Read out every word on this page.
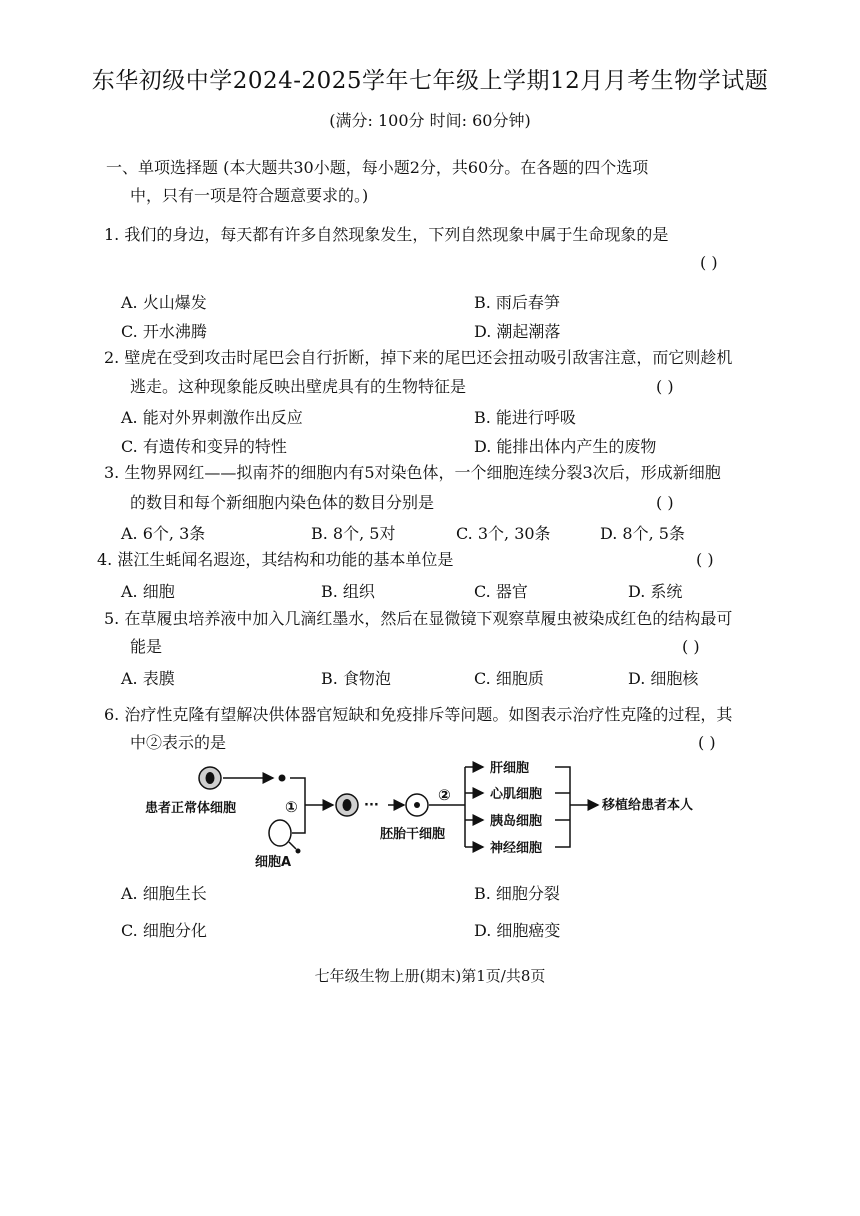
东华初级中学2024-2025学年七年级上学期12月月考生物学试题
(满分: 100分 时间: 60分钟)
一、单项选择题 (本大题共30小题，每小题2分，共60分。在各题的四个选项
中，只有一项是符合题意要求的。)
1. 我们的身边，每天都有许多自然现象发生，下列自然现象中属于生命现象的是
( )
A. 火山爆发	B. 雨后春笋
C. 开水沸腾	D. 潮起潮落
2. 壁虎在受到攻击时尾巴会自行折断，掉下来的尾巴还会扭动吸引敌害注意，而它则趁机
逃走。这种现象能反映出壁虎具有的生物特征是	( )
A. 能对外界刺激作出反应	B. 能进行呼吸
C. 有遗传和变异的特性	D. 能排出体内产生的废物
3. 生物界网红——拟南芥的细胞内有5对染色体，一个细胞连续分裂3次后，形成新细胞
的数目和每个新细胞内染色体的数目分别是	( )
A. 6个, 3条	B. 8个, 5对	C. 3个, 30条	D. 8个, 5条
4. 湛江生蚝闻名遐迩，其结构和功能的基本单位是	( )
A. 细胞	B. 组织	C. 器官	D. 系统
5. 在草履虫培养液中加入几滴红墨水，然后在显微镜下观察草履虫被染成红色的结构最可
能是	( )
A. 表膜	B. 食物泡	C. 细胞质	D. 细胞核
6. 治疗性克隆有望解决供体器官短缺和免疫排斥等问题。如图表示治疗性克隆的过程，其
中②表示的是	( )
患者正常体细胞
细胞A
①	···
胚胎干细胞
②
肝细胞
心肌细胞
胰岛细胞
神经细胞
移植给患者本人
A. 细胞生长	B. 细胞分裂
C. 细胞分化	D. 细胞癌变
七年级生物上册(期末)第1页/共8页
